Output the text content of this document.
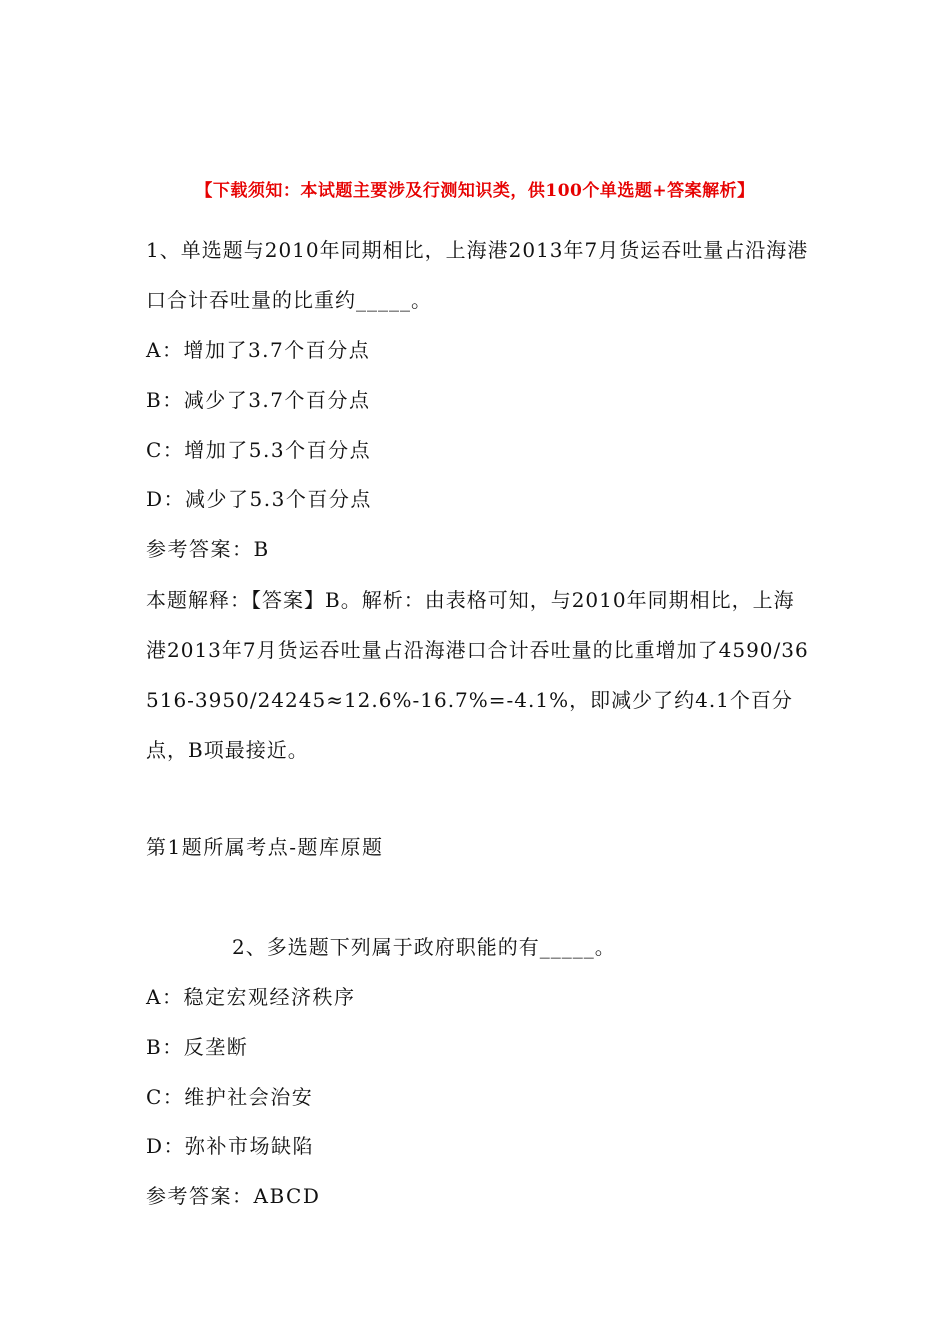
【下载须知：本试题主要涉及行测知识类，供100个单选题+答案解析】
1、单选题与2010年同期相比，上海港2013年7月货运吞吐量占沿海港口合计吞吐量的比重约_____。
A：增加了3.7个百分点
B：减少了3.7个百分点
C：增加了5.3个百分点
D：减少了5.3个百分点
参考答案：B
本题解释：【答案】B。解析：由表格可知，与2010年同期相比，上海港2013年7月货运吞吐量占沿海港口合计吞吐量的比重增加了4590/36516-3950/24245≈12.6%-16.7%=-4.1%，即减少了约4.1个百分点，B项最接近。
第1题所属考点-题库原题
2、多选题下列属于政府职能的有_____。
A：稳定宏观经济秩序
B：反垄断
C：维护社会治安
D：弥补市场缺陷
参考答案：ABCD
